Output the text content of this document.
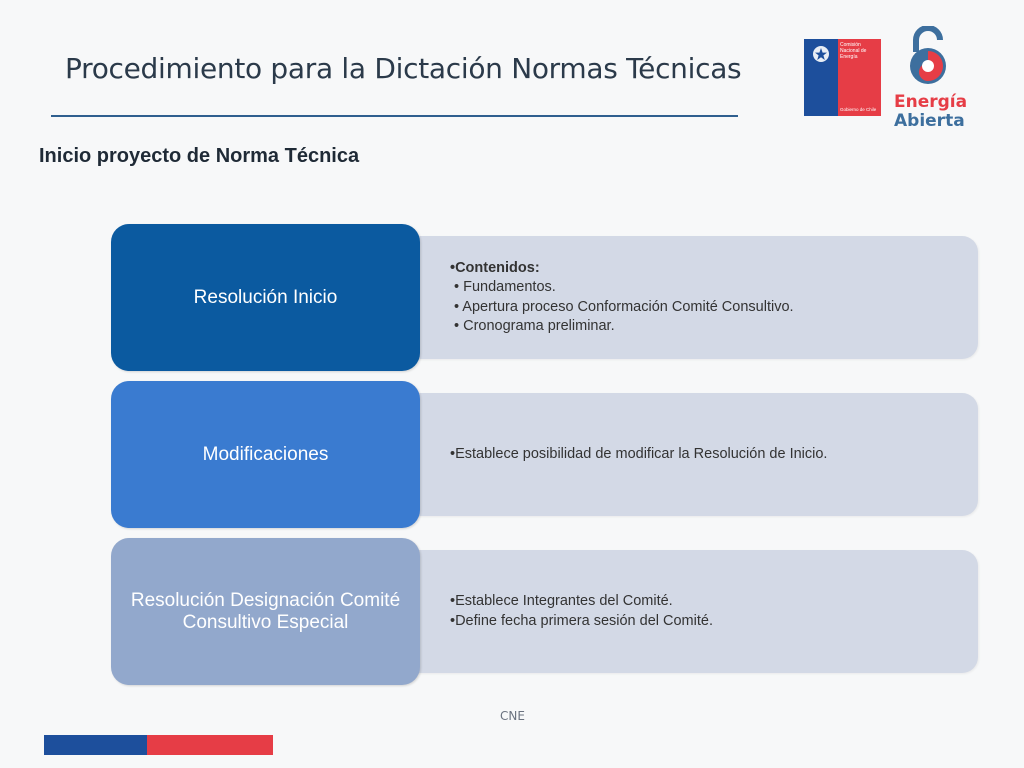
Procedimiento para la Dictación Normas Técnicas
Inicio proyecto de Norma Técnica
Comisión
Nacional de
Energía
Gobierno de Chile Energía
Abierta
Resolución Inicio
•Contenidos:
• Fundamentos.
• Apertura proceso Conformación Comité Consultivo.
• Cronograma preliminar.
Modificaciones	•Establece posibilidad de modificar la Resolución de Inicio.
Resolución Designación Comité Consultivo Especial
•Establece Integrantes del Comité.
•Define fecha primera sesión del Comité.
CNE
